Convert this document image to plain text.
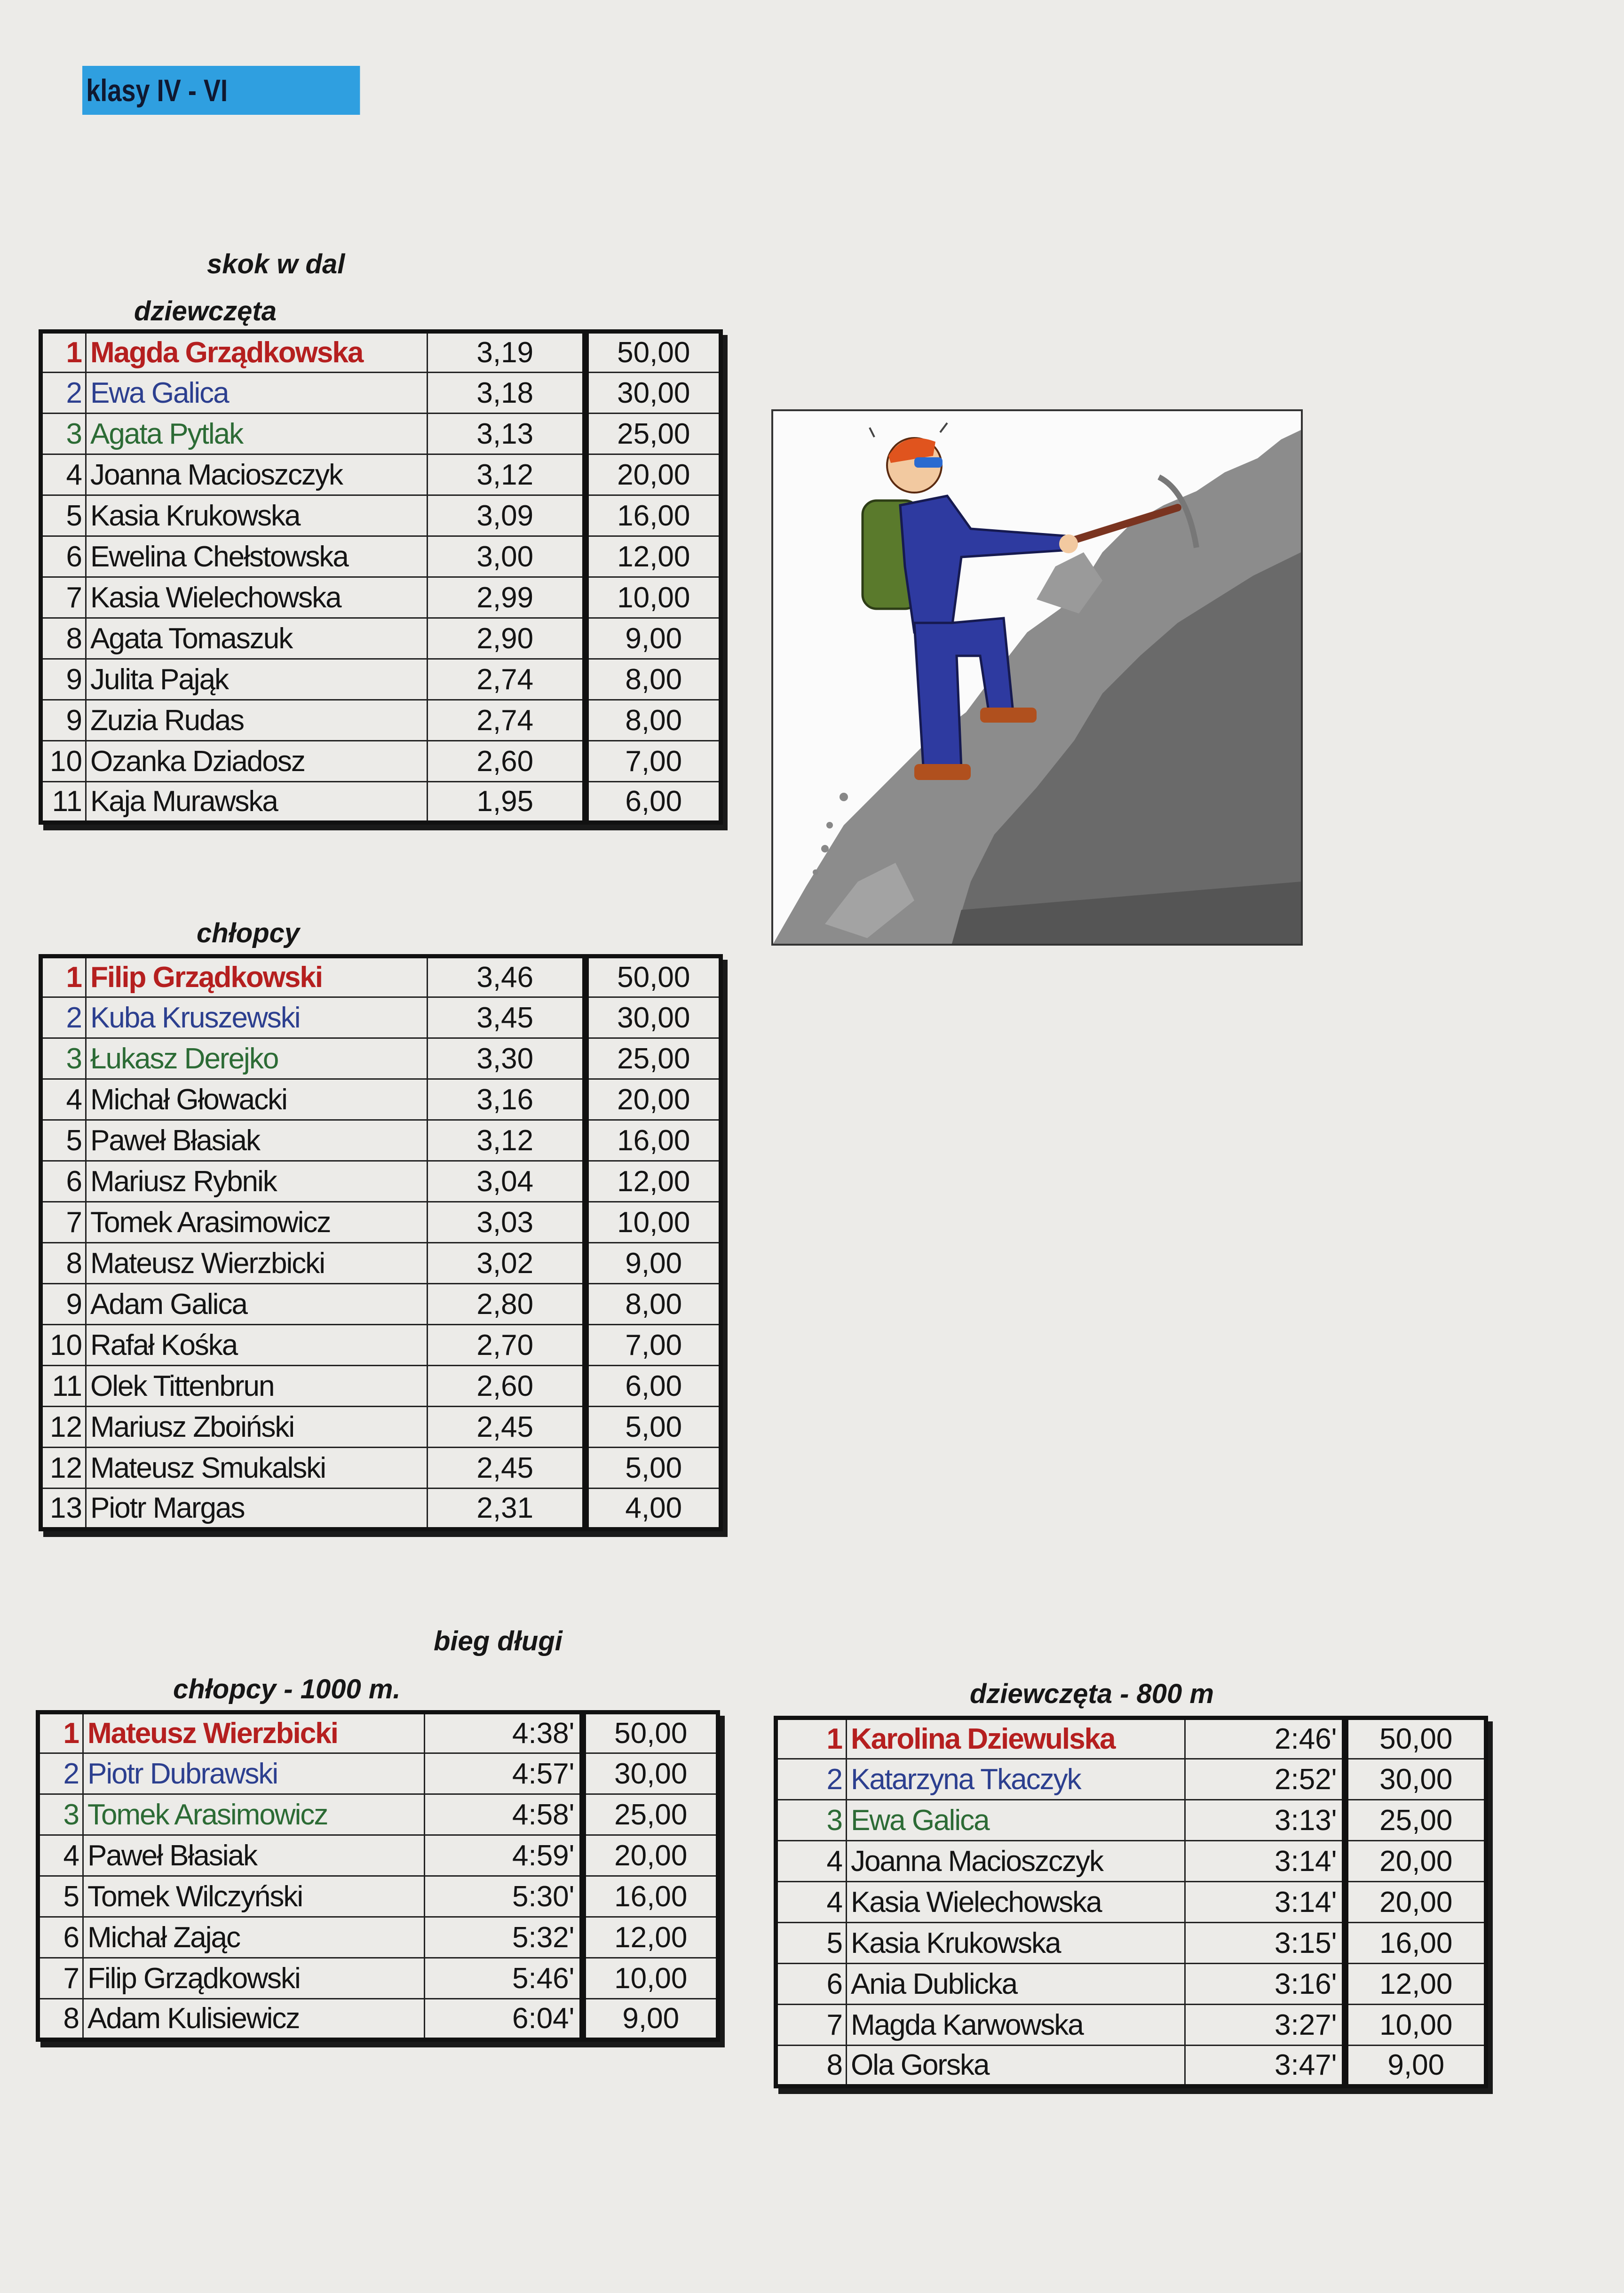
klasy IV - VI
skok w dal
dziewczęta
1	Magda Grządkowska	3,19	50,00
2	Ewa Galica	3,18	30,00
3	Agata Pytlak	3,13	25,00
4	Joanna Macioszczyk	3,12	20,00
5	Kasia Krukowska	3,09	16,00
6	Ewelina Chełstowska	3,00	12,00
7	Kasia Wielechowska	2,99	10,00
8	Agata Tomaszuk	2,90	9,00
9	Julita Pająk	2,74	8,00
9	Zuzia Rudas	2,74	8,00
10	Ozanka Dziadosz	2,60	7,00
11	Kaja Murawska	1,95	6,00
chłopcy
1	Filip Grządkowski	3,46	50,00
2	Kuba Kruszewski	3,45	30,00
3	Łukasz Derejko	3,30	25,00
4	Michał Głowacki	3,16	20,00
5	Paweł Błasiak	3,12	16,00
6	Mariusz Rybnik	3,04	12,00
7	Tomek Arasimowicz	3,03	10,00
8	Mateusz Wierzbicki	3,02	9,00
9	Adam Galica	2,80	8,00
10	Rafał Kośka	2,70	7,00
11	Olek Tittenbrun	2,60	6,00
12	Mariusz Zboiński	2,45	5,00
12	Mateusz Smukalski	2,45	5,00
13	Piotr Margas	2,31	4,00
bieg długi
chłopcy - 1000 m.
1	Mateusz Wierzbicki	4:38'	50,00
2	Piotr Dubrawski	4:57'	30,00
3	Tomek Arasimowicz	4:58'	25,00
4	Paweł Błasiak	4:59'	20,00
5	Tomek Wilczyński	5:30'	16,00
6	Michał Zając	5:32'	12,00
7	Filip Grządkowski	5:46'	10,00
8	Adam Kulisiewicz	6:04'	9,00
dziewczęta - 800 m
1	Karolina Dziewulska	2:46'	50,00
2	Katarzyna Tkaczyk	2:52'	30,00
3	Ewa Galica	3:13'	25,00
4	Joanna Macioszczyk	3:14'	20,00
4	Kasia Wielechowska	3:14'	20,00
5	Kasia Krukowska	3:15'	16,00
6	Ania Dublicka	3:16'	12,00
7	Magda Karwowska	3:27'	10,00
8	Ola Gorska	3:47'	9,00
